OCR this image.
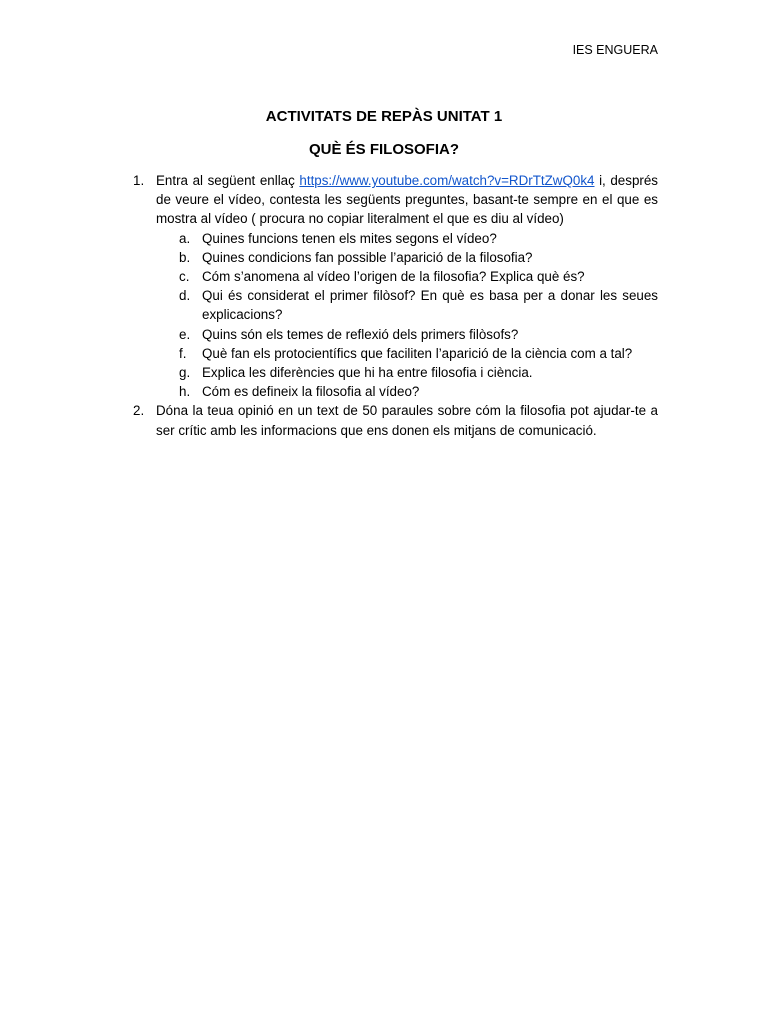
IES ENGUERA
ACTIVITATS DE REPÀS UNITAT 1
QUÈ ÉS FILOSOFIA?
1. Entra al següent enllaç https://www.youtube.com/watch?v=RDrTtZwQ0k4 i, després de veure el vídeo, contesta les següents preguntes, basant-te sempre en el que es mostra al vídeo ( procura no copiar literalment el que es diu al vídeo)
a. Quines funcions tenen els mites segons el vídeo?
b. Quines condicions fan possible l’aparició de la filosofia?
c. Cóm s’anomena al vídeo l’origen de la filosofia? Explica què és?
d. Qui és considerat el primer filòsof? En què es basa per a donar les seues explicacions?
e. Quins són els temes de reflexió dels primers filòsofs?
f. Què fan els protocientífics que faciliten l’aparició de la ciència com a tal?
g. Explica les diferències que hi ha entre filosofia i ciència.
h. Cóm es defineix la filosofia al vídeo?
2. Dóna la teua opinió en un text de 50 paraules sobre cóm la filosofia pot ajudar-te a ser crític amb les informacions que ens donen els mitjans de comunicació.
